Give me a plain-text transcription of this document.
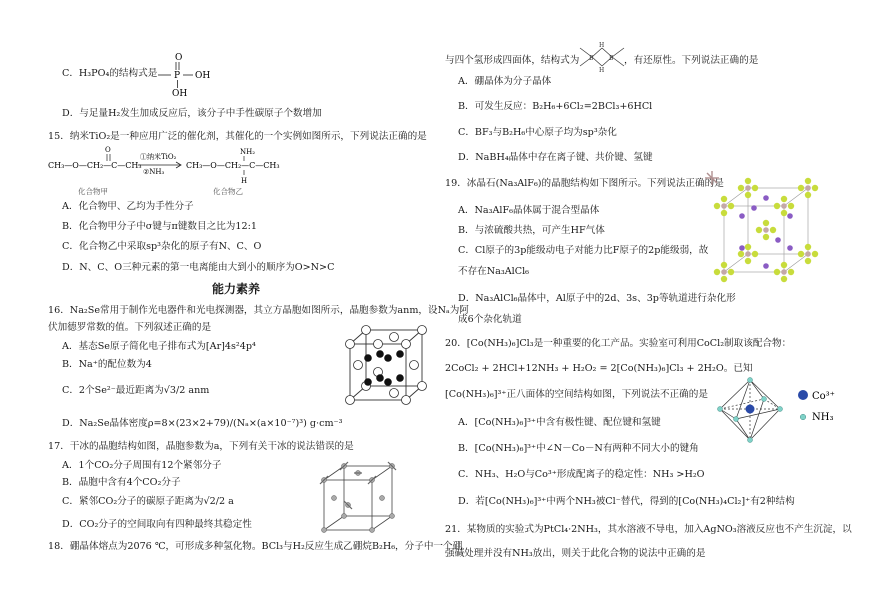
C．H₃PO₄的结构式是
O
P OH
OH
D．与足量H₂发生加成反应后，该分子中手性碳原子个数增加
15．纳米TiO₂是一种应用广泛的催化剂，其催化的一个实例如图所示，下列说法正确的是
CH₃—O—CH₂—C—CH₃
O
①纳米TiO₂
②NH₃
CH₃—O—CH₂—C—CH₃
NH₂
H
化合物甲	化合物乙
A．化合物甲、乙均为手性分子
B．化合物甲分子中σ键与π键数目之比为12:1
C．化合物乙中采取sp³杂化的原子有N、C、O
D．N、C、O三种元素的第一电离能由大到小的顺序为O>N>C
能力素养
16．Na₂Se常用于制作光电器件和光电探测器，其立方晶胞如图所示，晶胞参数为anm，设Nₐ为阿
伏加德罗常数的值。下列叙述正确的是
A．基态Se原子简化电子排布式为[Ar]4s²4p⁴
B．Na⁺的配位数为4
C．2个Se²⁻最近距离为√3/2 anm
D．Na₂Se晶体密度ρ=8×(23×2+79)/(Nₐ×(a×10⁻⁷)³) g·cm⁻³
17．干冰的晶胞结构如图，晶胞参数为a，下列有关干冰的说法错误的是
A．1个CO₂分子周围有12个紧邻分子
B．晶胞中含有4个CO₂分子
C．紧邻CO₂分子的碳原子距离为√2/2 a
D．CO₂分子的空间取向有四种最终其稳定性
18．硼晶体熔点为2076 ℃，可形成多种氢化物。BCl₃与H₂反应生成乙硼烷B₂H₆，分子中一个硼
与四个氢形成四面体，结构式为 B	B
H
H
，有还原性。下列说法正确的是
A．硼晶体为分子晶体
B．可发生反应：B₂H₆+6Cl₂=2BCl₃+6HCl
C．BF₃与B₂H₆中心原子均为sp³杂化
D．NaBH₄晶体中存在离子键、共价键、氢键
19．冰晶石(Na₃AlF₆)的晶胞结构如下图所示。下列说法正确的是
A．Na₃AlF₆晶体属于混合型晶体
B．与浓硫酸共热，可产生HF气体
C．Cl原子的3p能级动电子对能力比F原子的2p能级弱，故
不存在Na₃AlCl₆
D．Na₃AlCl₆晶体中，Al原子中的2d、3s、3p等轨道进行杂化形
成6个杂化轨道
20．[Co(NH₃)₆]Cl₃是一种重要的化工产品。实验室可利用CoCl₂制取该配合物：
2CoCl₂ + 2HCl+12NH₃ + H₂O₂ = 2[Co(NH₃)₆]Cl₃ + 2H₂O。已知
[Co(NH₃)₆]³⁺正八面体的空间结构如图，下列说法不正确的是	Co³⁺
NH₃
A．[Co(NH₃)₆]³⁺中含有极性键、配位键和氢键
B．[Co(NH₃)₆]³⁺中∠N－Co－N有两种不同大小的键角
C．NH₃、H₂O与Co³⁺形成配离子的稳定性：NH₃ >H₂O
D．若[Co(NH₃)₆]³⁺中两个NH₃被Cl⁻替代，得到的[Co(NH₃)₄Cl₂]⁺有2种结构
21．某物质的实验式为PtCl₄·2NH₃，其水溶液不导电，加入AgNO₃溶液反应也不产生沉淀，以
强碱处理并没有NH₃放出，则关于此化合物的说法中正确的是
